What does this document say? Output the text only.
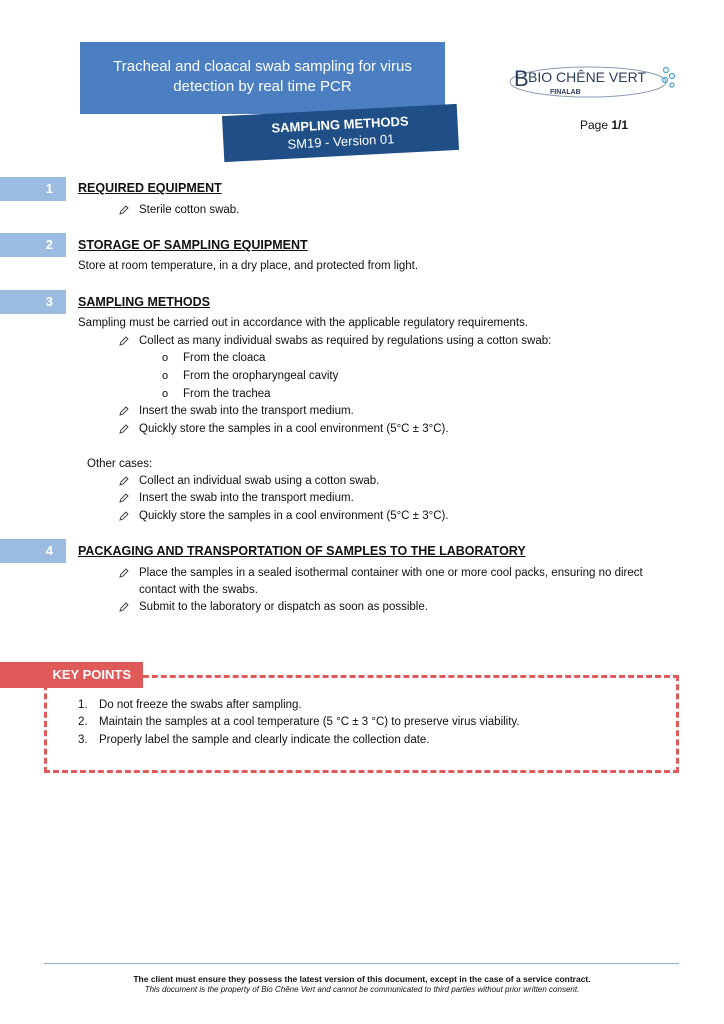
Tracheal and cloacal swab sampling for virus
detection by real time PCR
SAMPLING METHODS
SM19 - Version 01
B BIO CHÊNE VERT
FINALAB
Page 1/1
1	REQUIRED EQUIPMENT
Sterile cotton swab.
2	STORAGE OF SAMPLING EQUIPMENT
Store at room temperature, in a dry place, and protected from light.
3	SAMPLING METHODS
Sampling must be carried out in accordance with the applicable regulatory requirements.
Collect as many individual swabs as required by regulations using a cotton swab:
o From the cloaca
o From the oropharyngeal cavity
o From the trachea
Insert the swab into the transport medium.
Quickly store the samples in a cool environment (5°C ± 3°C).
Other cases:
Collect an individual swab using a cotton swab.
Insert the swab into the transport medium.
Quickly store the samples in a cool environment (5°C ± 3°C).
4	PACKAGING AND TRANSPORTATION OF SAMPLES TO THE LABORATORY
Place the samples in a sealed isothermal container with one or more cool packs, ensuring no direct
contact with the swabs.
Submit to the laboratory or dispatch as soon as possible.
KEY POINTS
1. Do not freeze the swabs after sampling.
2. Maintain the samples at a cool temperature (5 °C ± 3 °C) to preserve virus viability.
3. Properly label the sample and clearly indicate the collection date.
The client must ensure they possess the latest version of this document, except in the case of a service contract.
This document is the property of Bio Chêne Vert and cannot be communicated to third parties without prior written consent.
